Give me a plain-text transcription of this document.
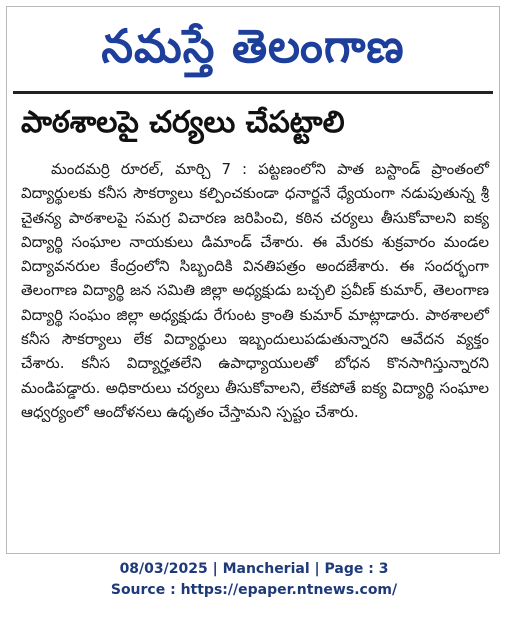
నమస్తే తెలంగాణ
పాఠశాలపై చర్యలు చేపట్టాలి

మందమర్రి రూరల్‌, మార్చి 7 : పట్టణంలోని పాత బస్టాండ్‌ ప్రాంతంలో విద్యార్థులకు కనీస సౌకర్యాలు కల్పించకుండా ధనార్జనే ధ్యేయంగా నడుపుతున్న శ్రీ చైతన్య పాఠశాలపై సమగ్ర విచారణ జరిపించి, కఠిన చర్యలు తీసుకోవాలని ఐక్య విద్యార్థి సంఘాల నాయకులు డిమాండ్‌ చేశారు. ఈ మేరకు శుక్రవారం మండల విద్యావనరుల కేంద్రంలోని సిబ్బందికి వినతిపత్రం అందజేశారు. ఈ సందర్భంగా తెలంగాణ విద్యార్థి జన సమితి జిల్లా అధ్యక్షుడు బచ్చలి ప్రవీణ్‌ కుమార్‌, తెలంగాణ విద్యార్థి సంఘం జిల్లా అధ్యక్షుడు రేగుంట క్రాంతి కుమార్‌ మాట్లాడారు. పాఠశాలలో కనీస సౌకర్యాలు లేక విద్యార్థులు ఇబ్బందులుపడుతున్నారని ఆవేదన వ్యక్తం చేశారు. కనీస విద్యార్హతలేని ఉపాధ్యాయులతో బోధన కొనసాగిస్తున్నారని మండిపడ్డారు. అధికారులు చర్యలు తీసుకోవాలని, లేకపోతే ఐక్య విద్యార్థి సంఘాల ఆధ్వర్యంలో ఆందోళనలు ఉధృతం చేస్తామని స్పష్టం చేశారు.

08/03/2025 | Mancherial | Page : 3
Source : https://epaper.ntnews.com/
